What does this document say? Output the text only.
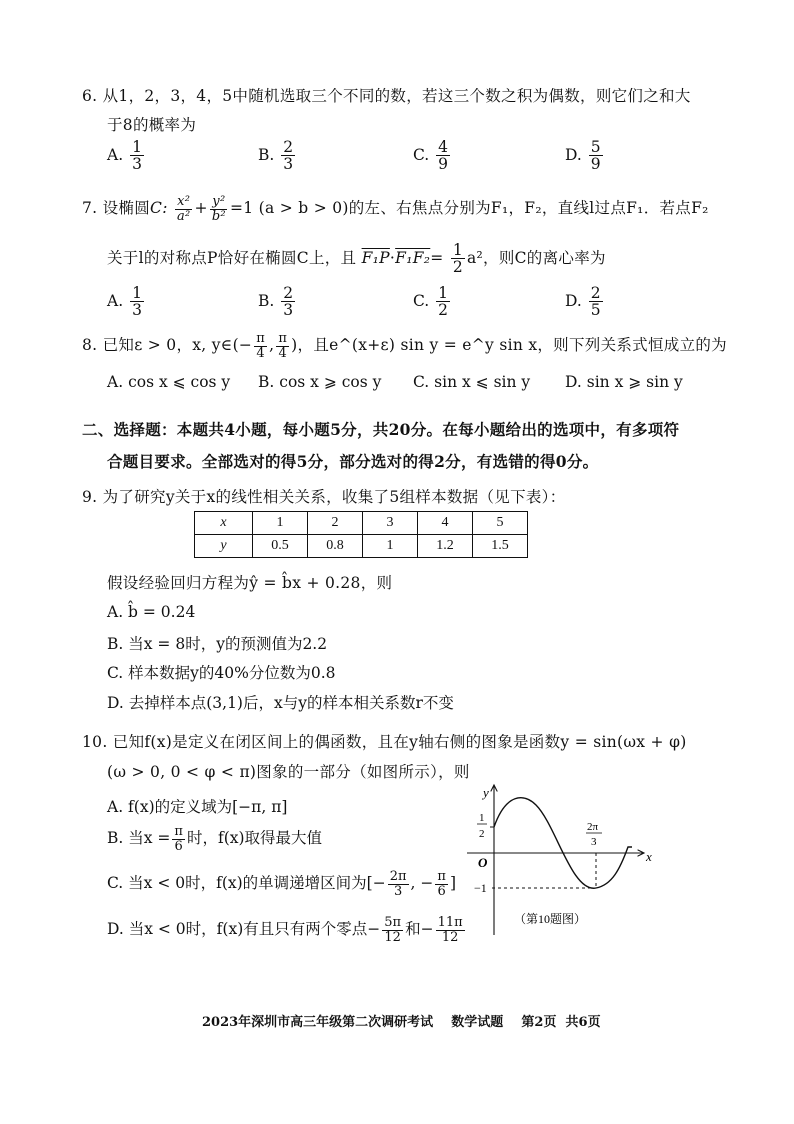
6. 从1，2，3，4，5中随机选取三个不同的数，若这三个数之积为偶数，则它们之和大
于8的概率为
A. $\frac{1}{3}$	B. $\frac{2}{3}$	C. $\frac{4}{9}$	D. $\frac{5}{9}$
7. 设椭圆C: $\frac{\text{x²}}{\text{a²}} + \frac{\text{y²}}{\text{b²}} =1$ (a > b > 0)的左、右焦点分别为F₁，F₂，直线l过点F₁．若点F₂
关于l的对称点P恰好在椭圆C上，且 $F_1P\cdot F_1F_2= \frac{1}{2} a^2$，则C的离心率为
A. $\frac{1}{3}$	B. $\frac{2}{3}$	C. $\frac{1}{2}$	D. $\frac{2}{5}$
8. 已知ε > 0，x, y∈(− $\frac{\pi}{4}$ , $\frac{\pi}{4}$ )，且e^(x+ε) sin y = e^y sin x，则下列关系式恒成立的为
A. cos x ⩽ cos y B. cos x ⩾ cos y C. sin x ⩽ sin y D. sin x ⩾ sin y
二、选择题：本题共4小题，每小题5分，共20分。在每小题给出的选项中，有多项符
合题目要求。全部选对的得5分，部分选对的得2分，有选错的得0分。
9. 为了研究y关于x的线性相关关系，收集了5组样本数据（见下表）：
x	1	2	3	4	5
y	0.5	0.8	1	1.2	1.5
假设经验回归方程为ŷ = b̂x + 0.28，则
A. b̂ = 0.24
B. 当x = 8时，y的预测值为2.2
C. 样本数据y的40%分位数为0.8
D. 去掉样本点(3,1)后，x与y的样本相关系数r不变
10. 已知f(x)是定义在闭区间上的偶函数，且在y轴右侧的图象是函数y = sin(ωx + φ)
(ω > 0, 0 < φ < π)图象的一部分（如图所示），则
A. f(x)的定义域为[−π, π]
B. 当$x = \frac{\pi}{6}$ 时，f(x)取得最大值
C. 当x < 0时，f(x)的单调递增区间为[− $\frac{2\pi}{3}$ , − $\frac{\pi}{6}$ ]
D. 当x < 0时，f(x)有且只有两个零点− $\frac{5\pi}{12}$ 和− $\frac{11\pi}{12}$
y
x
O
1
2
2π
3
−1
（第10题图）
2023年深圳市高三年级第二次调研考试 数学试题 第2页 共6页
